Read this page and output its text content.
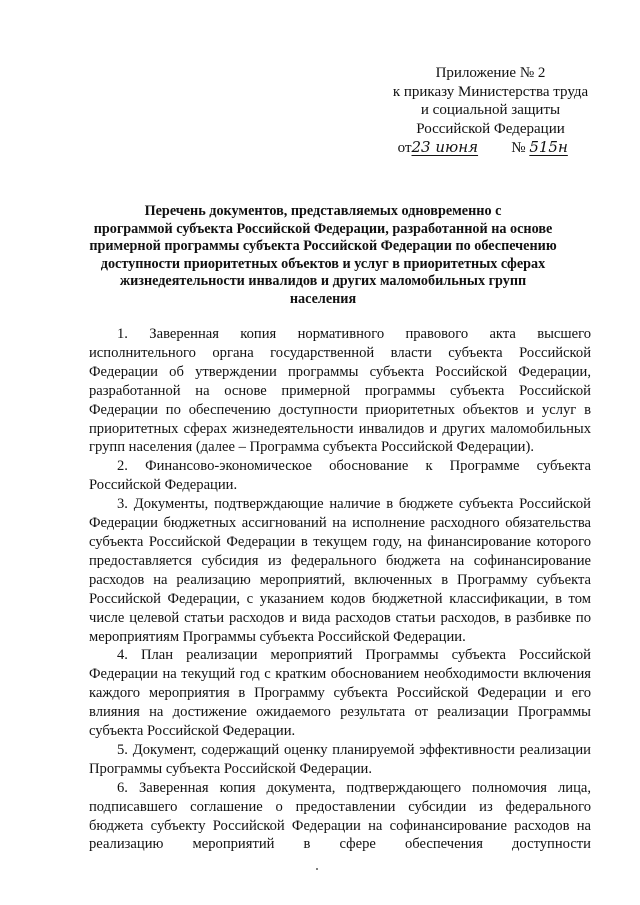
Приложение № 2
к приказу Министерства труда
и социальной защиты
Российской Федерации
от23 июня № 515н
Перечень документов, представляемых одновременно с
программой субъекта Российской Федерации, разработанной на основе
примерной программы субъекта Российской Федерации по обеспечению
доступности приоритетных объектов и услуг в приоритетных сферах
жизнедеятельности инвалидов и других маломобильных групп
населения

1. Заверенная копия нормативного правового акта высшего исполнительного органа государственной власти субъекта Российской Федерации об утверждении программы субъекта Российской Федерации, разработанной на основе примерной программы субъекта Российской Федерации по обеспечению доступности приоритетных объектов и услуг в приоритетных сферах жизнедеятельности инвалидов и других маломобильных групп населения (далее – Программа субъекта Российской Федерации).

2. Финансово-экономическое обоснование к Программе субъекта Российской Федерации.

3. Документы, подтверждающие наличие в бюджете субъекта Российской Федерации бюджетных ассигнований на исполнение расходного обязательства субъекта Российской Федерации в текущем году, на финансирование которого предоставляется субсидия из федерального бюджета на софинансирование расходов на реализацию мероприятий, включенных в Программу субъекта Российской Федерации, с указанием кодов бюджетной классификации, в том числе целевой статьи расходов и вида расходов статьи расходов, в разбивке по мероприятиям Программы субъекта Российской Федерации.

4. План реализации мероприятий Программы субъекта Российской Федерации на текущий год с кратким обоснованием необходимости включения каждого мероприятия в Программу субъекта Российской Федерации и его влияния на достижение ожидаемого результата от реализации Программы субъекта Российской Федерации.

5. Документ, содержащий оценку планируемой эффективности реализации Программы субъекта Российской Федерации.

6. Заверенная копия документа, подтверждающего полномочия лица, подписавшего соглашение о предоставлении субсидии из федерального бюджета субъекту Российской Федерации на софинансирование расходов на реализацию мероприятий в сфере обеспечения доступности
